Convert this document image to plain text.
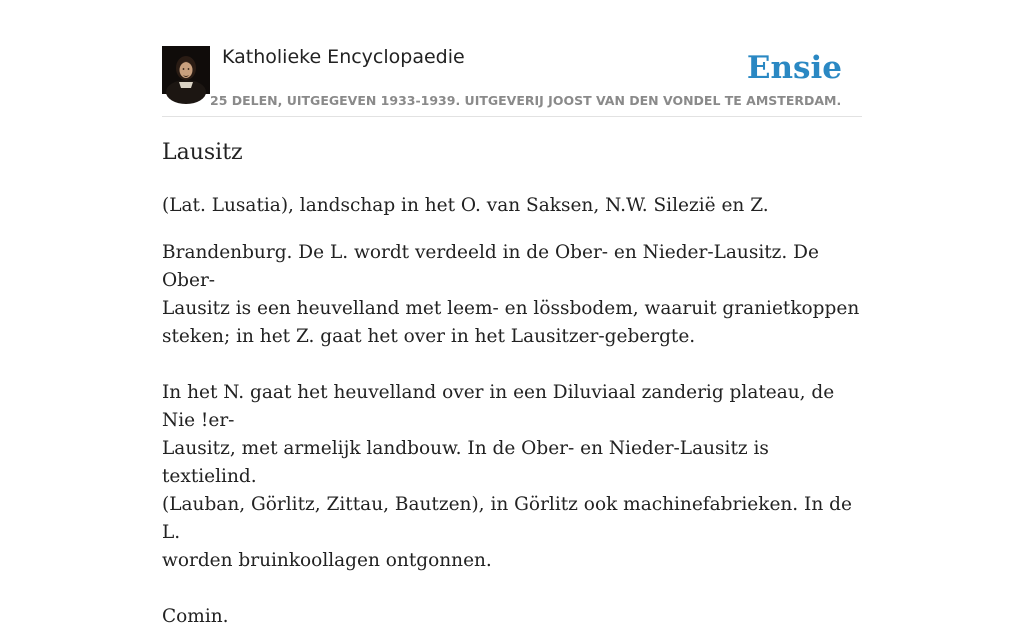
Katholieke Encyclopaedie	Ensie
25 DELEN, UITGEGEVEN 1933-1939. UITGEVERIJ JOOST VAN DEN VONDEL TE AMSTERDAM.
Lausitz

(Lat. Lusatia), landschap in het O. van Saksen, N.W. Silezië en Z.

Brandenburg. De L. wordt verdeeld in de Ober- en Nieder-Lausitz. De Ober-
Lausitz is een heuvelland met leem- en lössbodem, waaruit granietkoppen
steken; in het Z. gaat het over in het Lausitzer-gebergte.

In het N. gaat het heuvelland over in een Diluviaal zanderig plateau, de Nie !er-
Lausitz, met armelijk landbouw. In de Ober- en Nieder-Lausitz is textielind.
(Lauban, Görlitz, Zittau, Bautzen), in Görlitz ook machinefabrieken. In de L.
worden bruinkoollagen ontgonnen.

Comin.
